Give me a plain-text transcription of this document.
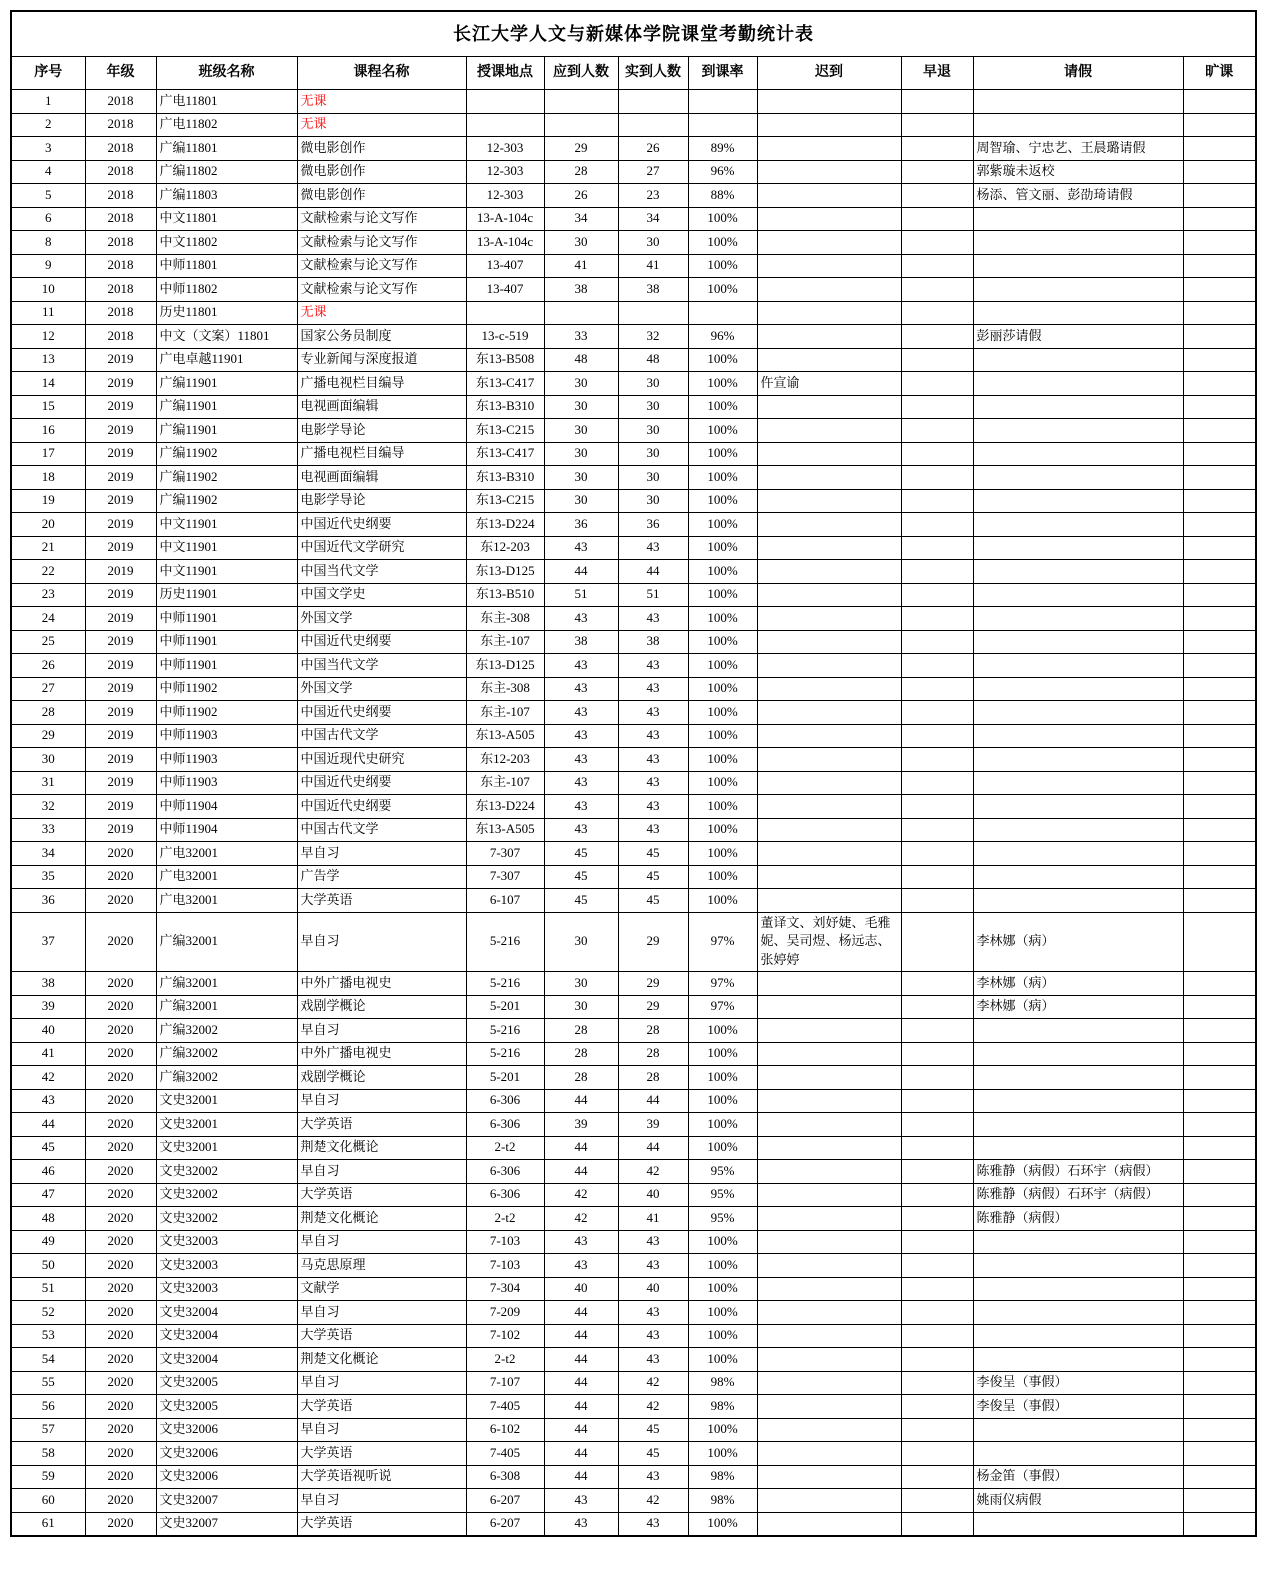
长江大学人文与新媒体学院课堂考勤统计表											
序号	年级	班级名称	课程名称	授课地点	应到人数	实到人数	到课率	迟到	早退	请假	旷课
1	2018	广电11801	无课								
2	2018	广电11802	无课								
3	2018	广编11801	微电影创作	12-303	29	26	89%			周智瑜、宁忠艺、王晨璐请假	
4	2018	广编11802	微电影创作	12-303	28	27	96%			郭紫璇未返校	
5	2018	广编11803	微电影创作	12-303	26	23	88%			杨添、管文丽、彭劭琦请假	
6	2018	中文11801	文献检索与论文写作	13-A-104c	34	34	100%				
8	2018	中文11802	文献检索与论文写作	13-A-104c	30	30	100%				
9	2018	中师11801	文献检索与论文写作	13-407	41	41	100%				
10	2018	中师11802	文献检索与论文写作	13-407	38	38	100%				
11	2018	历史11801	无课								
12	2018	中文（文案）11801	国家公务员制度	13-c-519	33	32	96%			彭丽莎请假	
13	2019	广电卓越11901	专业新闻与深度报道	东13-B508	48	48	100%				
14	2019	广编11901	广播电视栏目编导	东13-C417	30	30	100%	仵宣谕			
15	2019	广编11901	电视画面编辑	东13-B310	30	30	100%				
16	2019	广编11901	电影学导论	东13-C215	30	30	100%				
17	2019	广编11902	广播电视栏目编导	东13-C417	30	30	100%				
18	2019	广编11902	电视画面编辑	东13-B310	30	30	100%				
19	2019	广编11902	电影学导论	东13-C215	30	30	100%				
20	2019	中文11901	中国近代史纲要	东13-D224	36	36	100%				
21	2019	中文11901	中国近代文学研究	东12-203	43	43	100%				
22	2019	中文11901	中国当代文学	东13-D125	44	44	100%				
23	2019	历史11901	中国文学史	东13-B510	51	51	100%				
24	2019	中师11901	外国文学	东主-308	43	43	100%				
25	2019	中师11901	中国近代史纲要	东主-107	38	38	100%				
26	2019	中师11901	中国当代文学	东13-D125	43	43	100%				
27	2019	中师11902	外国文学	东主-308	43	43	100%				
28	2019	中师11902	中国近代史纲要	东主-107	43	43	100%				
29	2019	中师11903	中国古代文学	东13-A505	43	43	100%				
30	2019	中师11903	中国近现代史研究	东12-203	43	43	100%				
31	2019	中师11903	中国近代史纲要	东主-107	43	43	100%				
32	2019	中师11904	中国近代史纲要	东13-D224	43	43	100%				
33	2019	中师11904	中国古代文学	东13-A505	43	43	100%				
34	2020	广电32001	早自习	7-307	45	45	100%				
35	2020	广电32001	广告学	7-307	45	45	100%				
36	2020	广电32001	大学英语	6-107	45	45	100%				
37	2020	广编32001	早自习	5-216	30	29	97%	董译文、刘妤婕、毛雅妮、吴司煜、杨远志、张婷婷		李林娜（病）	
38	2020	广编32001	中外广播电视史	5-216	30	29	97%			李林娜（病）	
39	2020	广编32001	戏剧学概论	5-201	30	29	97%			李林娜（病）	
40	2020	广编32002	早自习	5-216	28	28	100%				
41	2020	广编32002	中外广播电视史	5-216	28	28	100%				
42	2020	广编32002	戏剧学概论	5-201	28	28	100%				
43	2020	文史32001	早自习	6-306	44	44	100%				
44	2020	文史32001	大学英语	6-306	39	39	100%				
45	2020	文史32001	荆楚文化概论	2-t2	44	44	100%				
46	2020	文史32002	早自习	6-306	44	42	95%			陈雅静（病假）石环宇（病假）	
47	2020	文史32002	大学英语	6-306	42	40	95%			陈雅静（病假）石环宇（病假）	
48	2020	文史32002	荆楚文化概论	2-t2	42	41	95%			陈雅静（病假）	
49	2020	文史32003	早自习	7-103	43	43	100%				
50	2020	文史32003	马克思原理	7-103	43	43	100%				
51	2020	文史32003	文献学	7-304	40	40	100%				
52	2020	文史32004	早自习	7-209	44	43	100%				
53	2020	文史32004	大学英语	7-102	44	43	100%				
54	2020	文史32004	荆楚文化概论	2-t2	44	43	100%				
55	2020	文史32005	早自习	7-107	44	42	98%			李俊呈（事假）	
56	2020	文史32005	大学英语	7-405	44	42	98%			李俊呈（事假）	
57	2020	文史32006	早自习	6-102	44	45	100%				
58	2020	文史32006	大学英语	7-405	44	45	100%				
59	2020	文史32006	大学英语视听说	6-308	44	43	98%			杨金笛（事假）	
60	2020	文史32007	早自习	6-207	43	42	98%			姚雨仪病假	
61	2020	文史32007	大学英语	6-207	43	43	100%				
